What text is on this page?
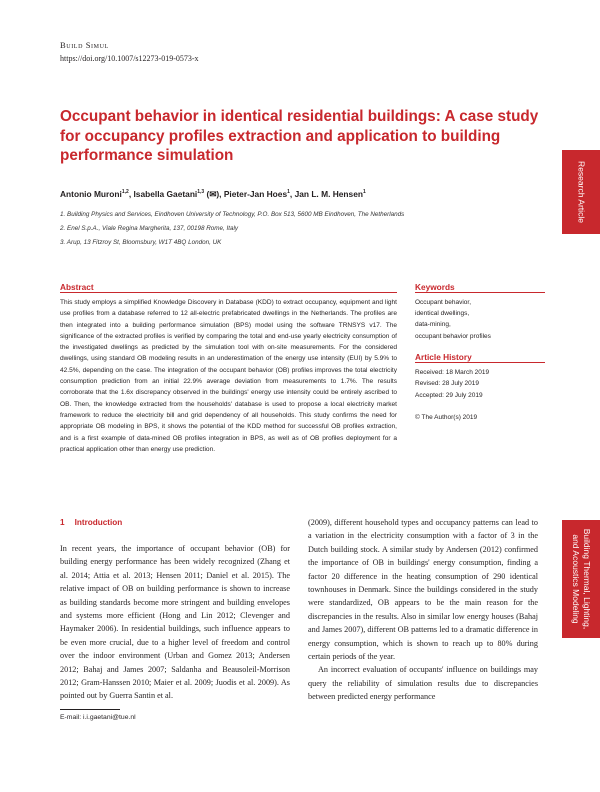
Build Simul
https://doi.org/10.1007/s12273-019-0573-x
Occupant behavior in identical residential buildings: A case study for occupancy profiles extraction and application to building performance simulation
Antonio Muroni$^{1,2}$, Isabella Gaetani$^{1,3}$ (✉), Pieter-Jan Hoes$^1$, Jan L. M. Hensen$^1$
1. Building Physics and Services, Eindhoven University of Technology, P.O. Box 513, 5600 MB Eindhoven, The Netherlands
2. Enel S.p.A., Viale Regina Margherita, 137, 00198 Rome, Italy
3. Arup, 13 Fitzroy St, Bloomsbury, W1T 4BQ London, UK
Abstract

This study employs a simplified Knowledge Discovery in Database (KDD) to extract occupancy, equipment and light use profiles from a database referred to 12 all-electric prefabricated dwellings in the Netherlands. The profiles are then integrated into a building performance simulation (BPS) model using the software TRNSYS v17. The significance of the extracted profiles is verified by comparing the total and end-use yearly electricity consumption of the investigated dwellings as predicted by the simulation tool with on-site measurements. For the considered dwellings, using standard OB modeling results in an underestimation of the energy use intensity (EUI) by 5.9% to 42.5%, depending on the case. The integration of the occupant behavior (OB) profiles improves the total electricity consumption prediction from an initial 22.9% average deviation from measurements to 1.7%. The results corroborate that the 1.6x discrepancy observed in the buildings' energy use intensity could be entirely ascribed to OB. Then, the knowledge extracted from the households' database is used to propose a local electricity market framework to reduce the electricity bill and grid dependency of all households. This study confirms the need for appropriate OB modeling in BPS, it shows the potential of the KDD method for successful OB profiles extraction, and is a first example of data-mined OB profiles integration in BPS, as well as of OB profiles deployment for a practical application other than energy use prediction.

Keywords
Occupant behavior,
identical dwellings,
data-mining,
occupant behavior profiles
Article History
Received: 18 March 2019
Revised: 28 July 2019
Accepted: 29 July 2019
© The Author(s) 2019
1 Introduction

In recent years, the importance of occupant behavior (OB) for building energy performance has been widely recognized (Zhang et al. 2014; Attia et al. 2013; Hensen 2011; Daniel et al. 2015). The relative impact of OB on building performance is shown to increase as building standards become more stringent and building envelopes and systems more efficient (Hong and Lin 2012; Clevenger and Haymaker 2006). In residential buildings, such influence appears to be even more crucial, due to a higher level of freedom and control over the indoor environment (Urban and Gomez 2013; Andersen 2012; Bahaj and James 2007; Saldanha and Beausoleil-Morrison 2012; Gram-Hanssen 2010; Maier et al. 2009; Juodis et al. 2009). As pointed out by Guerra Santin et al.

(2009), different household types and occupancy patterns can lead to a variation in the electricity consumption with a factor of 3 in the Dutch building stock. A similar study by Andersen (2012) confirmed the importance of OB in buildings' energy consumption, finding a factor 20 difference in the heating consumption of 290 identical townhouses in Denmark. Since the buildings considered in the study were standardized, OB appears to be the main reason for the discrepancies in the results. Also in similar low energy houses (Bahaj and James 2007), different OB patterns led to a dramatic difference in energy consumption, which is shown to reach up to 80% during certain periods of the year.

An incorrect evaluation of occupants' influence on buildings may query the reliability of simulation results due to discrepancies between predicted energy performance

E-mail: i.i.gaetani@tue.nl
Research Article
Building Thermal, Lighting,
and Acoustics Modeling
